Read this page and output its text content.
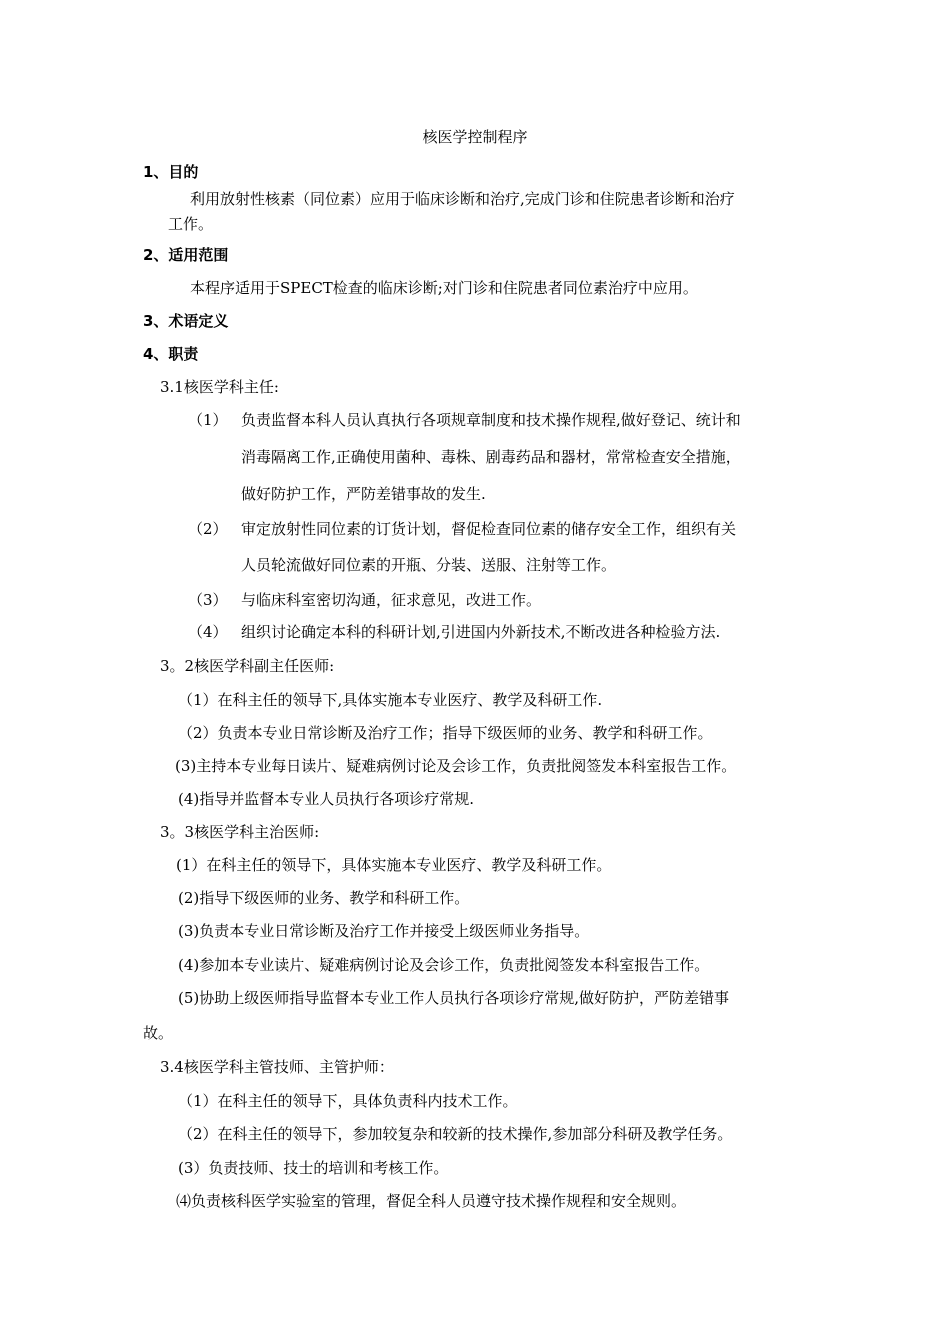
核医学控制程序
1、目的
利用放射性核素（同位素）应用于临床诊断和治疗,完成门诊和住院患者诊断和治疗
工作。
2、适用范围
本程序适用于SPECT检查的临床诊断;对门诊和住院患者同位素治疗中应用。
3、术语定义
4、职责
3.1核医学科主任:
（1） 负责监督本科人员认真执行各项规章制度和技术操作规程,做好登记、统计和
消毒隔离工作,正确使用菌种、毒株、剧毒药品和器材，常常检查安全措施，
做好防护工作，严防差错事故的发生.
（2） 审定放射性同位素的订货计划，督促检查同位素的储存安全工作，组织有关
人员轮流做好同位素的开瓶、分装、送服、注射等工作。
（3） 与临床科室密切沟通，征求意见，改进工作。
（4） 组织讨论确定本科的科研计划,引进国内外新技术,不断改进各种检验方法.
3。2核医学科副主任医师:
（1）在科主任的领导下,具体实施本专业医疗、教学及科研工作.
（2）负责本专业日常诊断及治疗工作；指导下级医师的业务、教学和科研工作。
(3)主持本专业每日读片、疑难病例讨论及会诊工作，负责批阅签发本科室报告工作。
(4)指导并监督本专业人员执行各项诊疗常规.
3。3核医学科主治医师:
(1）在科主任的领导下，具体实施本专业医疗、教学及科研工作。
(2)指导下级医师的业务、教学和科研工作。
(3)负责本专业日常诊断及治疗工作并接受上级医师业务指导。
(4)参加本专业读片、疑难病例讨论及会诊工作，负责批阅签发本科室报告工作。
(5)协助上级医师指导监督本专业工作人员执行各项诊疗常规,做好防护，严防差错事
故。
3.4核医学科主管技师、主管护师：
（1）在科主任的领导下，具体负责科内技术工作。
（2）在科主任的领导下，参加较复杂和较新的技术操作,参加部分科研及教学任务。
(3）负责技师、技士的培训和考核工作。
⑷负责核科医学实验室的管理，督促全科人员遵守技术操作规程和安全规则。
